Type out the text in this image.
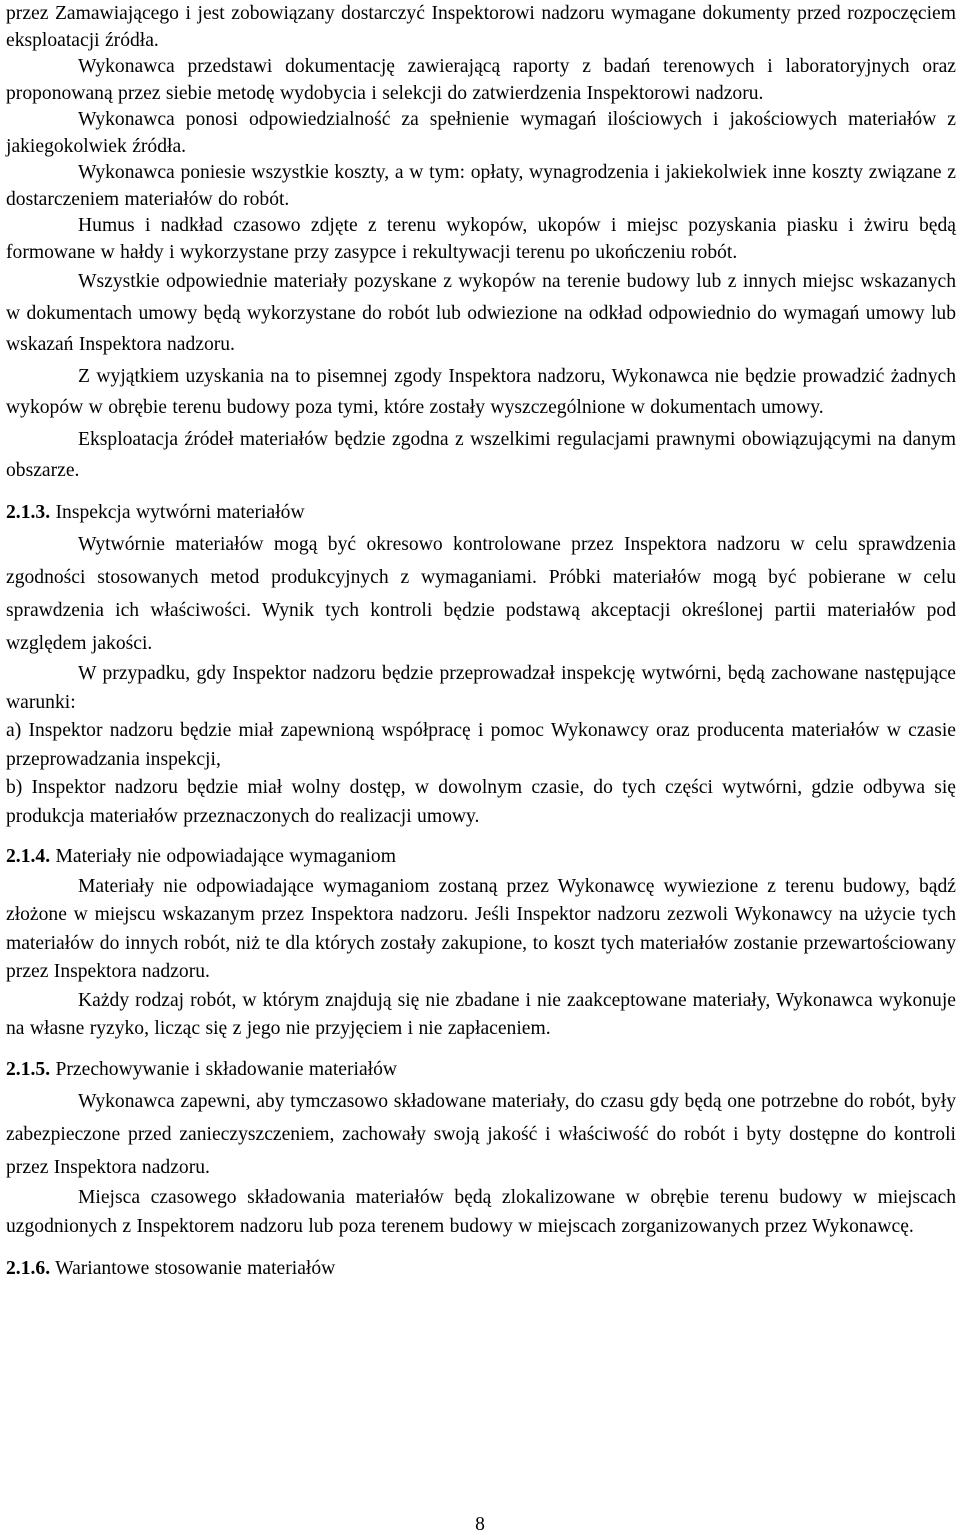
przez Zamawiającego i jest zobowiązany dostarczyć Inspektorowi nadzoru wymagane dokumenty przed rozpoczęciem eksploatacji źródła.

Wykonawca przedstawi dokumentację zawierającą raporty z badań terenowych i laboratoryjnych oraz proponowaną przez siebie metodę wydobycia i selekcji do zatwierdzenia Inspektorowi nadzoru.

Wykonawca ponosi odpowiedzialność za spełnienie wymagań ilościowych i jakościowych materiałów z jakiegokolwiek źródła.

Wykonawca poniesie wszystkie koszty, a w tym: opłaty, wynagrodzenia i jakiekolwiek inne koszty związane z dostarczeniem materiałów do robót.

Humus i nadkład czasowo zdjęte z terenu wykopów, ukopów i miejsc pozyskania piasku i żwiru będą formowane w hałdy i wykorzystane przy zasypce i rekultywacji terenu po ukończeniu robót.

Wszystkie odpowiednie materiały pozyskane z wykopów na terenie budowy lub z innych miejsc wskazanych w dokumentach umowy będą wykorzystane do robót lub odwiezione na odkład odpowiednio do wymagań umowy lub wskazań Inspektora nadzoru.

Z wyjątkiem uzyskania na to pisemnej zgody Inspektora nadzoru, Wykonawca nie będzie prowadzić żadnych wykopów w obrębie terenu budowy poza tymi, które zostały wyszczególnione w dokumentach umowy.

Eksploatacja źródeł materiałów będzie zgodna z wszelkimi regulacjami prawnymi obowiązującymi na danym obszarze.

2.1.3. Inspekcja wytwórni materiałów

Wytwórnie materiałów mogą być okresowo kontrolowane przez Inspektora nadzoru w celu sprawdzenia zgodności stosowanych metod produkcyjnych z wymaganiami. Próbki materiałów mogą być pobierane w celu sprawdzenia ich właściwości. Wynik tych kontroli będzie podstawą akceptacji określonej partii materiałów pod względem jakości.

W przypadku, gdy Inspektor nadzoru będzie przeprowadzał inspekcję wytwórni, będą zachowane następujące warunki:

a) Inspektor nadzoru będzie miał zapewnioną współpracę i pomoc Wykonawcy oraz producenta materiałów w czasie przeprowadzania inspekcji,

b) Inspektor nadzoru będzie miał wolny dostęp, w dowolnym czasie, do tych części wytwórni, gdzie odbywa się produkcja materiałów przeznaczonych do realizacji umowy.

2.1.4. Materiały nie odpowiadające wymaganiom

Materiały nie odpowiadające wymaganiom zostaną przez Wykonawcę wywiezione z terenu budowy, bądź złożone w miejscu wskazanym przez Inspektora nadzoru. Jeśli Inspektor nadzoru zezwoli Wykonawcy na użycie tych materiałów do innych robót, niż te dla których zostały zakupione, to koszt tych materiałów zostanie przewartościowany przez Inspektora nadzoru.

Każdy rodzaj robót, w którym znajdują się nie zbadane i nie zaakceptowane materiały, Wykonawca wykonuje na własne ryzyko, licząc się z jego nie przyjęciem i nie zapłaceniem.

2.1.5. Przechowywanie i składowanie materiałów

Wykonawca zapewni, aby tymczasowo składowane materiały, do czasu gdy będą one potrzebne do robót, były zabezpieczone przed zanieczyszczeniem, zachowały swoją jakość i właściwość do robót i byty dostępne do kontroli przez Inspektora nadzoru.

Miejsca czasowego składowania materiałów będą zlokalizowane w obrębie terenu budowy w miejscach uzgodnionych z Inspektorem nadzoru lub poza terenem budowy w miejscach zorganizowanych przez Wykonawcę.

2.1.6. Wariantowe stosowanie materiałów
8
